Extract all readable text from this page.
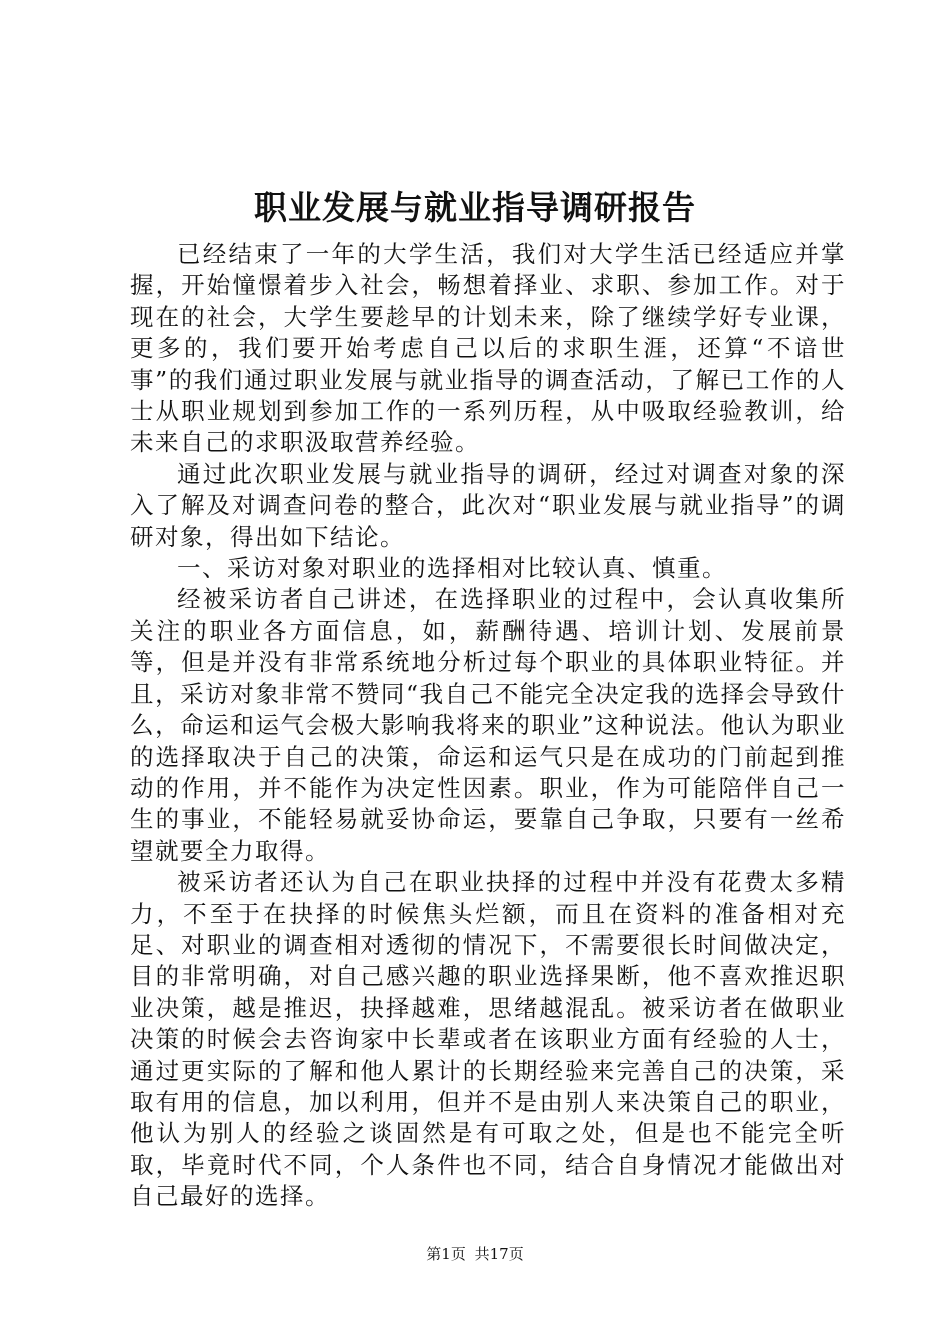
职业发展与就业指导调研报告

已经结束了一年的大学生活，我们对大学生活已经适应并掌握，开始憧憬着步入社会，畅想着择业、求职、参加工作。对于现在的社会，大学生要趁早的计划未来，除了继续学好专业课，更多的，我们要开始考虑自己以后的求职生涯，还算“不谙世事”的我们通过职业发展与就业指导的调查活动，了解已工作的人士从职业规划到参加工作的一系列历程，从中吸取经验教训，给未来自己的求职汲取营养经验。

通过此次职业发展与就业指导的调研，经过对调查对象的深入了解及对调查问卷的整合，此次对“职业发展与就业指导”的调研对象，得出如下结论。

一、采访对象对职业的选择相对比较认真、慎重。

经被采访者自己讲述，在选择职业的过程中，会认真收集所关注的职业各方面信息，如，薪酬待遇、培训计划、发展前景等，但是并没有非常系统地分析过每个职业的具体职业特征。并且，采访对象非常不赞同“我自己不能完全决定我的选择会导致什么，命运和运气会极大影响我将来的职业”这种说法。他认为职业的选择取决于自己的决策，命运和运气只是在成功的门前起到推动的作用，并不能作为决定性因素。职业，作为可能陪伴自己一生的事业，不能轻易就妥协命运，要靠自己争取，只要有一丝希望就要全力取得。

被采访者还认为自己在职业抉择的过程中并没有花费太多精力，不至于在抉择的时候焦头烂额，而且在资料的准备相对充足、对职业的调查相对透彻的情况下，不需要很长时间做决定，目的非常明确，对自己感兴趣的职业选择果断，他不喜欢推迟职业决策，越是推迟，抉择越难，思绪越混乱。被采访者在做职业决策的时候会去咨询家中长辈或者在该职业方面有经验的人士，通过更实际的了解和他人累计的长期经验来完善自己的决策，采取有用的信息，加以利用，但并不是由别人来决策自己的职业，他认为别人的经验之谈固然是有可取之处，但是也不能完全听取，毕竟时代不同，个人条件也不同，结合自身情况才能做出对自己最好的选择。

第1页 共17页
